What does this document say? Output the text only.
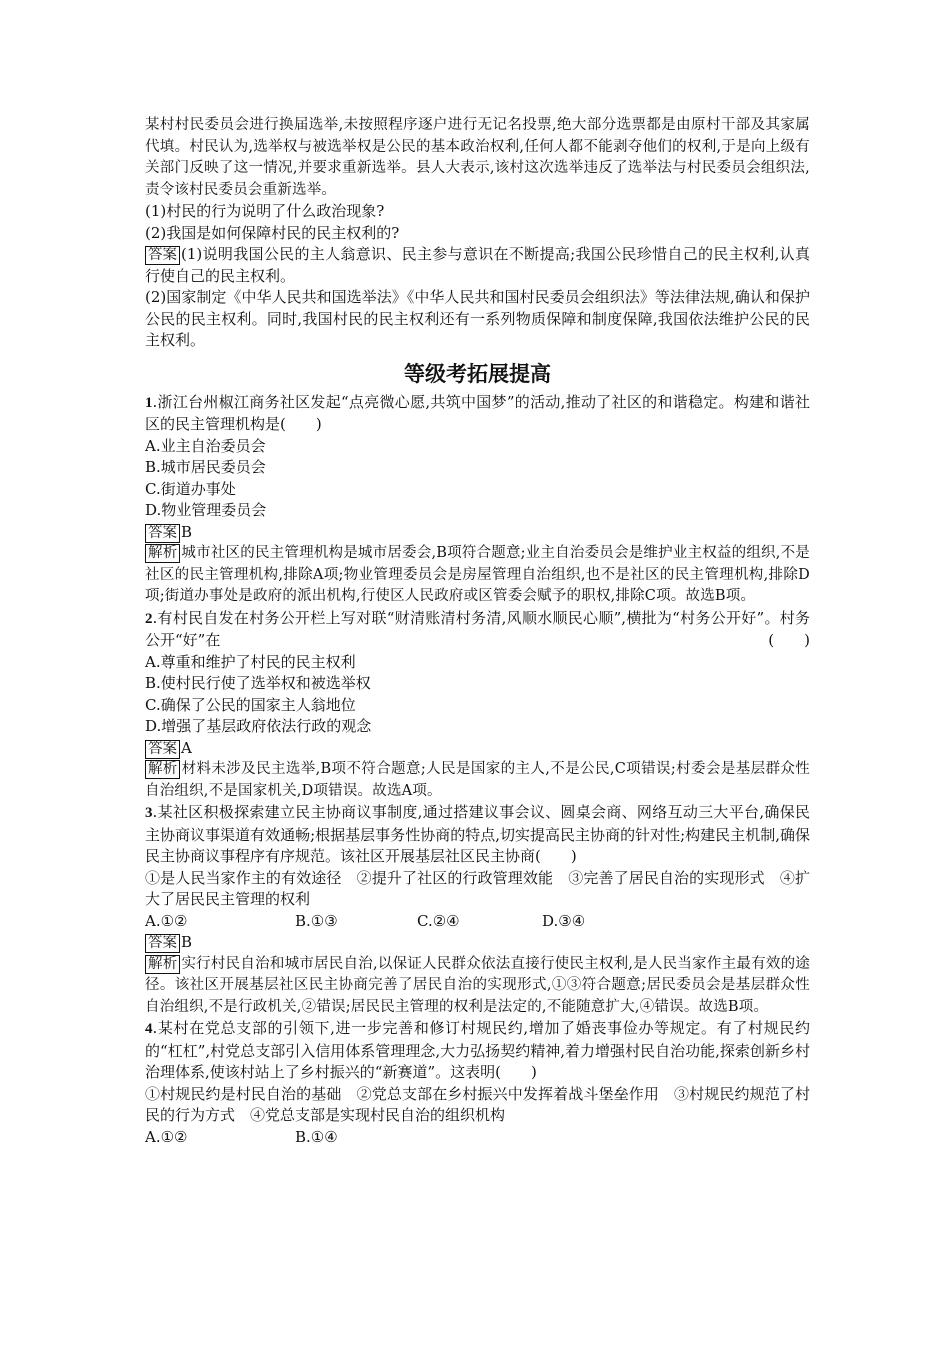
某村村民委员会进行换届选举,未按照程序逐户进行无记名投票,绝大部分选票都是由原村干部及其家属代填。村民认为,选举权与被选举权是公民的基本政治权利,任何人都不能剥夺他们的权利,于是向上级有关部门反映了这一情况,并要求重新选举。县人大表示,该村这次选举违反了选举法与村民委员会组织法,责令该村民委员会重新选举。

(1)村民的行为说明了什么政治现象?

(2)我国是如何保障村民的民主权利的?

答案 (1)说明我国公民的主人翁意识、民主参与意识在不断提高;我国公民珍惜自己的民主权利,认真行使自己的民主权利。

(2)国家制定《中华人民共和国选举法》《中华人民共和国村民委员会组织法》等法律法规,确认和保护公民的民主权利。同时,我国村民的民主权利还有一系列物质保障和制度保障,我国依法维护公民的民主权利。

等级考拓展提高

1.浙江台州椒江商务社区发起“点亮微心愿,共筑中国梦”的活动,推动了社区的和谐稳定。构建和谐社区的民主管理机构是(　　)

A.业主自治委员会

B.城市居民委员会

C.街道办事处

D.物业管理委员会

答案 B

解析 城市社区的民主管理机构是城市居委会,B项符合题意;业主自治委员会是维护业主权益的组织,不是社区的民主管理机构,排除A项;物业管理委员会是房屋管理自治组织,也不是社区的民主管理机构,排除D项;街道办事处是政府的派出机构,行使区人民政府或区管委会赋予的职权,排除C项。故选B项。

2.有村民自发在村务公开栏上写对联“财清账清村务清,风顺水顺民心顺”,横批为“村务公开好”。村务公开“好”在	(　　)

A.尊重和维护了村民的民主权利

B.使村民行使了选举权和被选举权

C.确保了公民的国家主人翁地位

D.增强了基层政府依法行政的观念

答案 A

解析 材料未涉及民主选举,B项不符合题意;人民是国家的主人,不是公民,C项错误;村委会是基层群众性自治组织,不是国家机关,D项错误。故选A项。

3.某社区积极探索建立民主协商议事制度,通过搭建议事会议、圆桌会商、网络互动三大平台,确保民主协商议事渠道有效通畅;根据基层事务性协商的特点,切实提高民主协商的针对性;构建民主机制,确保民主协商议事程序有序规范。该社区开展基层社区民主协商(　　)

①是人民当家作主的有效途径　②提升了社区的行政管理效能　③完善了居民自治的实现形式　④扩大了居民民主管理的权利

A.①②	B.①③	C.②④	D.③④

答案 B

解析 实行村民自治和城市居民自治,以保证人民群众依法直接行使民主权利,是人民当家作主最有效的途径。该社区开展基层社区民主协商完善了居民自治的实现形式,①③符合题意;居民委员会是基层群众性自治组织,不是行政机关,②错误;居民民主管理的权利是法定的,不能随意扩大,④错误。故选B项。

4.某村在党总支部的引领下,进一步完善和修订村规民约,增加了婚丧事俭办等规定。有了村规民约的“杠杠”,村党总支部引入信用体系管理理念,大力弘扬契约精神,着力增强村民自治功能,探索创新乡村治理体系,使该村站上了乡村振兴的“新赛道”。这表明(　　)

①村规民约是村民自治的基础　②党总支部在乡村振兴中发挥着战斗堡垒作用　③村规民约规范了村民的行为方式　④党总支部是实现村民自治的组织机构

A.①②	B.①④
